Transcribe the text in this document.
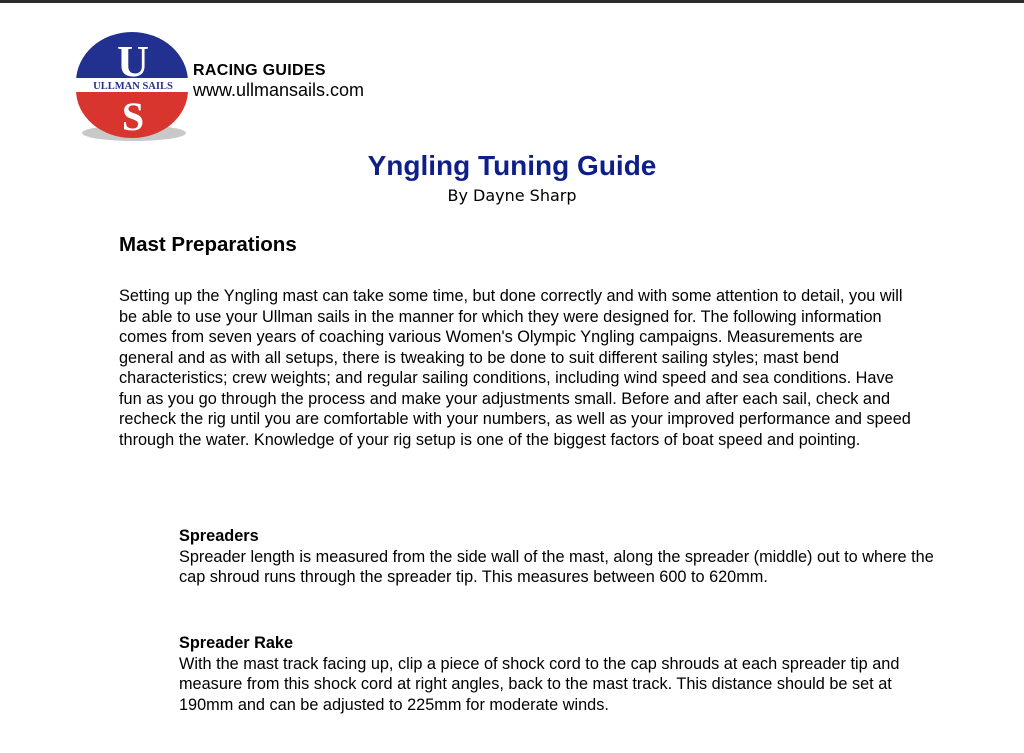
U
ULLMAN SAILS
S
RACING GUIDES
www.ullmansails.com
Yngling Tuning Guide
By Dayne Sharp
Mast Preparations
Setting up the Yngling mast can take some time, but done correctly and with some attention to detail, you will be able to use your Ullman sails in the manner for which they were designed for. The following information comes from seven years of coaching various Women's Olympic Yngling campaigns. Measurements are general and as with all setups, there is tweaking to be done to suit different sailing styles; mast bend characteristics; crew weights; and regular sailing conditions, including wind speed and sea conditions. Have fun as you go through the process and make your adjustments small. Before and after each sail, check and recheck the rig until you are comfortable with your numbers, as well as your improved performance and speed through the water. Knowledge of your rig setup is one of the biggest factors of boat speed and pointing.
Spreaders
Spreader length is measured from the side wall of the mast, along the spreader (middle) out to where the cap shroud runs through the spreader tip. This measures between 600 to 620mm.
Spreader Rake
With the mast track facing up, clip a piece of shock cord to the cap shrouds at each spreader tip and measure from this shock cord at right angles, back to the mast track. This distance should be set at 190mm and can be adjusted to 225mm for moderate winds.
